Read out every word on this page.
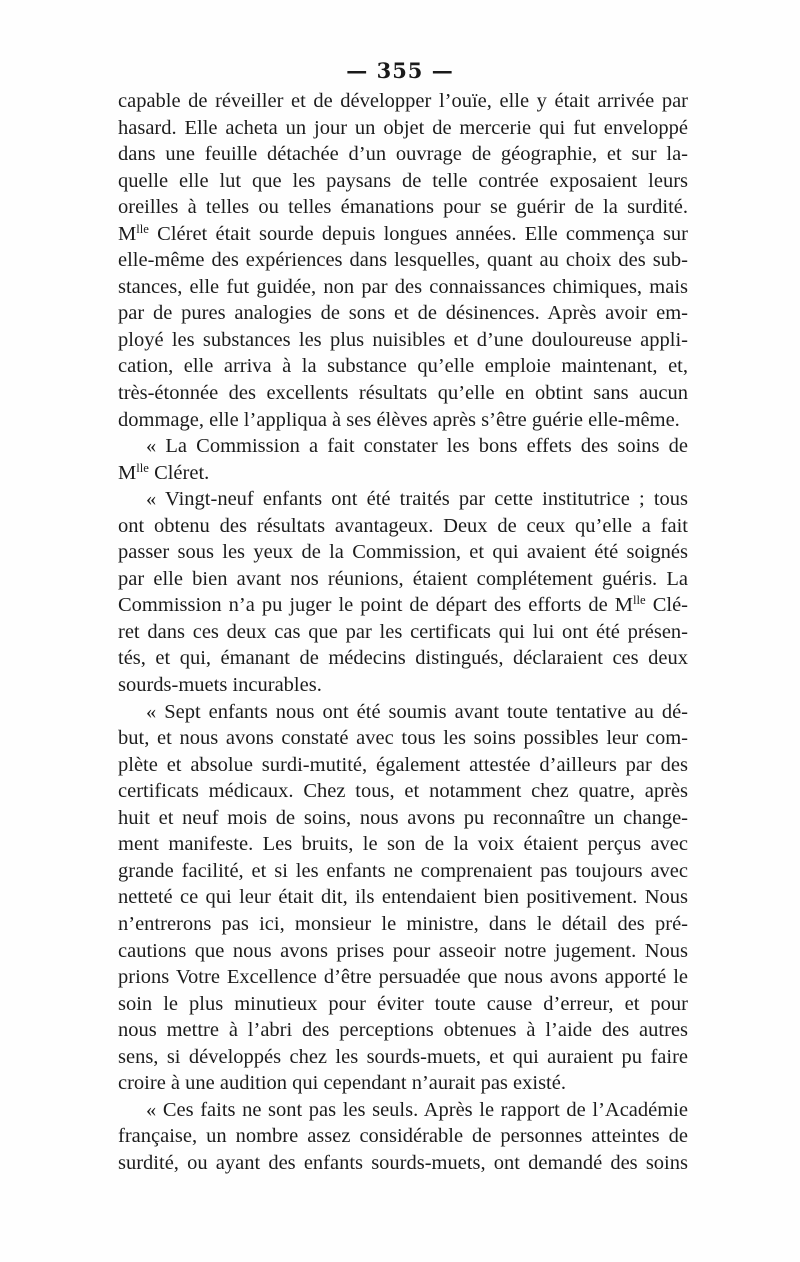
— 355 —
capable de réveiller et de développer l’ouïe, elle y était arrivée par
hasard. Elle acheta un jour un objet de mercerie qui fut enveloppé
dans une feuille détachée d’un ouvrage de géographie, et sur la-
quelle elle lut que les paysans de telle contrée exposaient leurs
oreilles à telles ou telles émanations pour se guérir de la surdité.
$M^{lle}$ Cléret était sourde depuis longues années. Elle commença sur
elle-même des expériences dans lesquelles, quant au choix des sub-
stances, elle fut guidée, non par des connaissances chimiques, mais
par de pures analogies de sons et de désinences. Après avoir em-
ployé les substances les plus nuisibles et d’une douloureuse appli-
cation, elle arriva à la substance qu’elle emploie maintenant, et,
très-étonnée des excellents résultats qu’elle en obtint sans aucun
dommage, elle l’appliqua à ses élèves après s’être guérie elle-même.
« La Commission a fait constater les bons effets des soins de
$M^{lle}$ Cléret.
« Vingt-neuf enfants ont été traités par cette institutrice ; tous
ont obtenu des résultats avantageux. Deux de ceux qu’elle a fait
passer sous les yeux de la Commission, et qui avaient été soignés
par elle bien avant nos réunions, étaient complétement guéris. La
Commission n’a pu juger le point de départ des efforts de $M^{lle}$ Clé-
ret dans ces deux cas que par les certificats qui lui ont été présen-
tés, et qui, émanant de médecins distingués, déclaraient ces deux
sourds-muets incurables.
« Sept enfants nous ont été soumis avant toute tentative au dé-
but, et nous avons constaté avec tous les soins possibles leur com-
plète et absolue surdi-mutité, également attestée d’ailleurs par des
certificats médicaux. Chez tous, et notamment chez quatre, après
huit et neuf mois de soins, nous avons pu reconnaître un change-
ment manifeste. Les bruits, le son de la voix étaient perçus avec
grande facilité, et si les enfants ne comprenaient pas toujours avec
netteté ce qui leur était dit, ils entendaient bien positivement. Nous
n’entrerons pas ici, monsieur le ministre, dans le détail des pré-
cautions que nous avons prises pour asseoir notre jugement. Nous
prions Votre Excellence d’être persuadée que nous avons apporté le
soin le plus minutieux pour éviter toute cause d’erreur, et pour
nous mettre à l’abri des perceptions obtenues à l’aide des autres
sens, si développés chez les sourds-muets, et qui auraient pu faire
croire à une audition qui cependant n’aurait pas existé.
« Ces faits ne sont pas les seuls. Après le rapport de l’Académie
française, un nombre assez considérable de personnes atteintes de
surdité, ou ayant des enfants sourds-muets, ont demandé des soins
